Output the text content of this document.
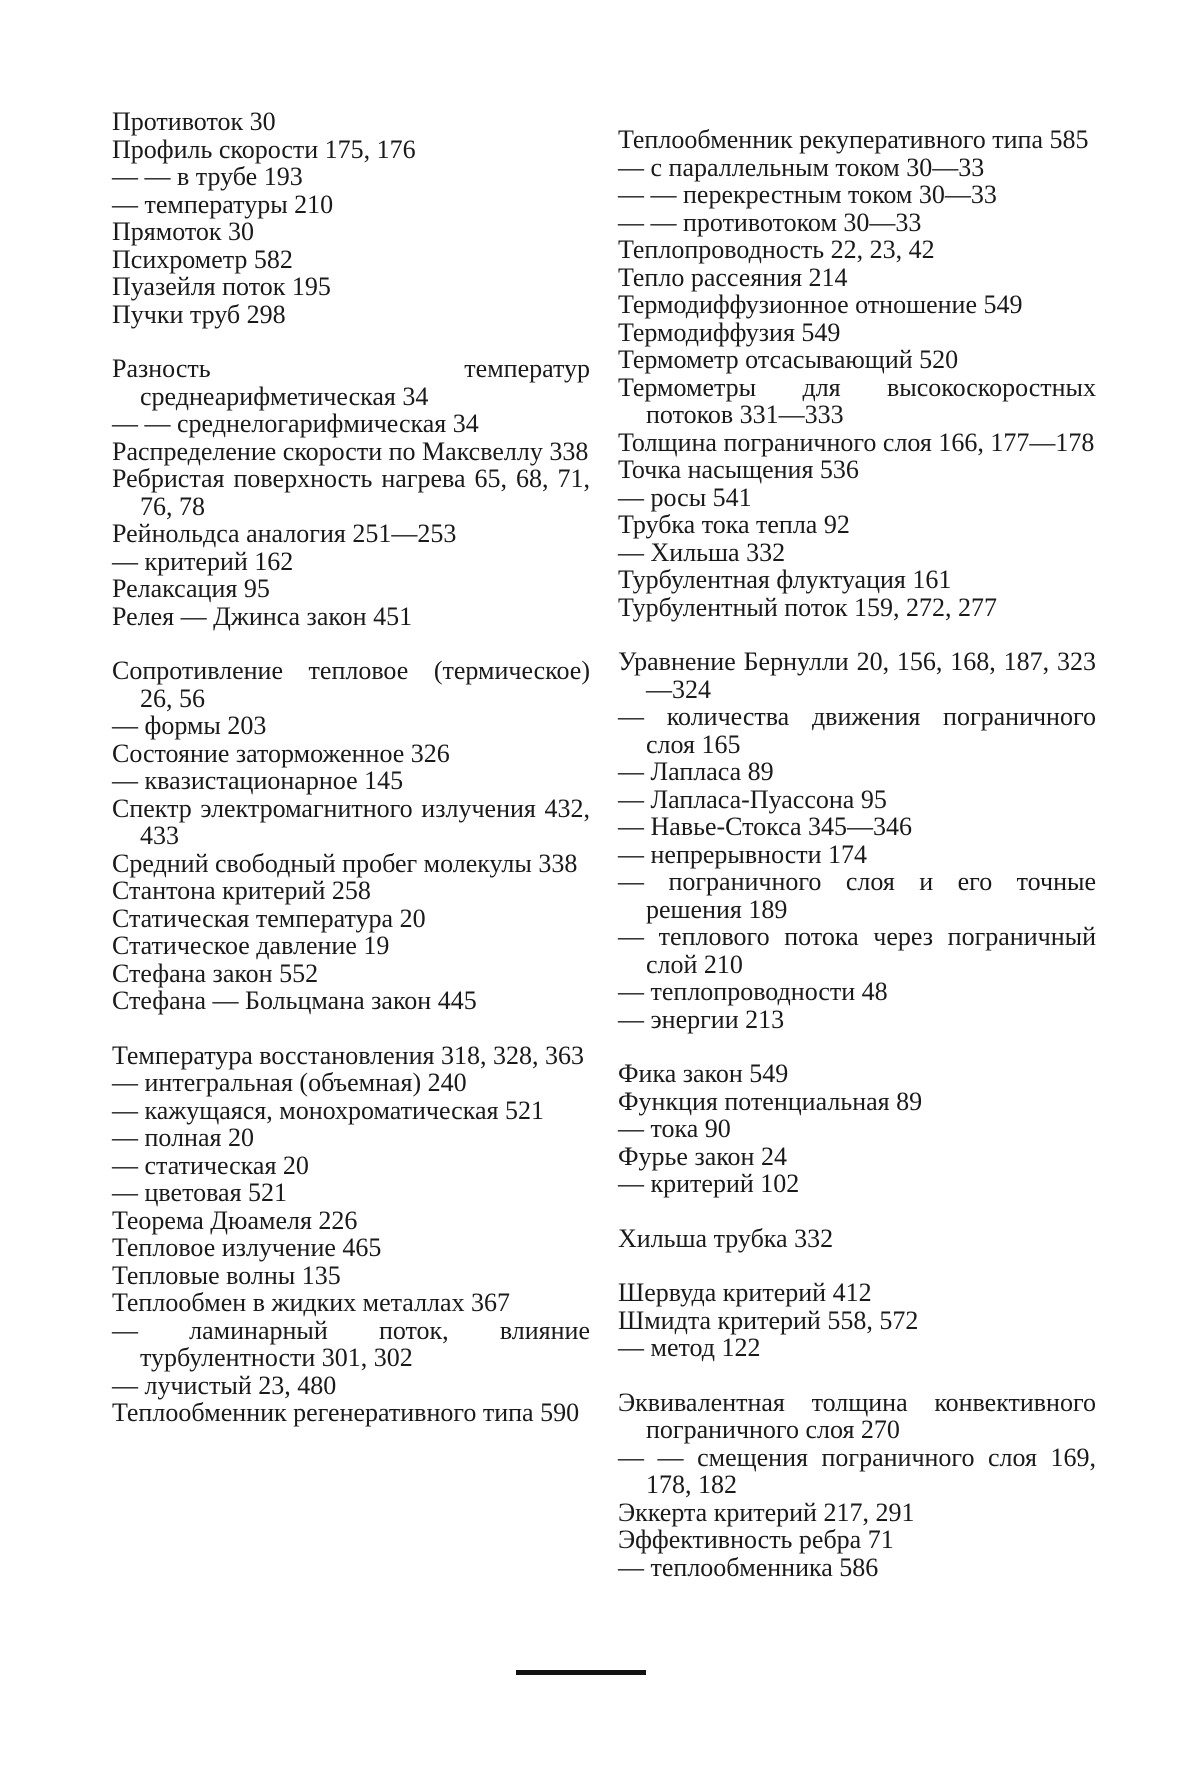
Противоток 30

Профиль скорости 175, 176

— — в трубе 193

— температуры 210

Прямоток 30

Психрометр 582

Пуазейля поток 195

Пучки труб 298

Разность температур среднеарифметическая 34

— — среднелогарифмическая 34

Распределение скорости по Максвеллу 338

Ребристая поверхность нагрева 65, 68, 71, 76, 78

Рейнольдса аналогия 251—253

— критерий 162

Релаксация 95

Релея — Джинса закон 451

Сопротивление тепловое (термическое) 26, 56

— формы 203

Состояние заторможенное 326

— квазистационарное 145

Спектр электромагнитного излучения 432, 433

Средний свободный пробег молекулы 338

Стантона критерий 258

Статическая температура 20

Статическое давление 19

Стефана закон 552

Стефана — Больцмана закон 445

Температура восстановления 318, 328, 363

— интегральная (объемная) 240

— кажущаяся, монохроматическая 521

— полная 20

— статическая 20

— цветовая 521

Теорема Дюамеля 226

Тепловое излучение 465

Тепловые волны 135

Теплообмен в жидких металлах 367

— ламинарный поток, влияние турбулентности 301, 302

— лучистый 23, 480

Теплообменник регенеративного типа 590

Теплообменник рекуперативного типа 585

— с параллельным током 30—33

— — перекрестным током 30—33

— — противотоком 30—33

Теплопроводность 22, 23, 42

Тепло рассеяния 214

Термодиффузионное отношение 549

Термодиффузия 549

Термометр отсасывающий 520

Термометры для высокоскоростных потоков 331—333

Толщина пограничного слоя 166, 177—178

Точка насыщения 536

— росы 541

Трубка тока тепла 92

— Хильша 332

Турбулентная флуктуация 161

Турбулентный поток 159, 272, 277

Уравнение Бернулли 20, 156, 168, 187, 323—324

— количества движения пограничного слоя 165

— Лапласа 89

— Лапласа-Пуассона 95

— Навье-Стокса 345—346

— непрерывности 174

— пограничного слоя и его точные решения 189

— теплового потока через пограничный слой 210

— теплопроводности 48

— энергии 213

Фика закон 549

Функция потенциальная 89

— тока 90

Фурье закон 24

— критерий 102

Хильша трубка 332

Шервуда критерий 412

Шмидта критерий 558, 572

— метод 122

Эквивалентная толщина конвективного пограничного слоя 270

— — смещения пограничного слоя 169, 178, 182

Эккерта критерий 217, 291

Эффективность ребра 71

— теплообменника 586
